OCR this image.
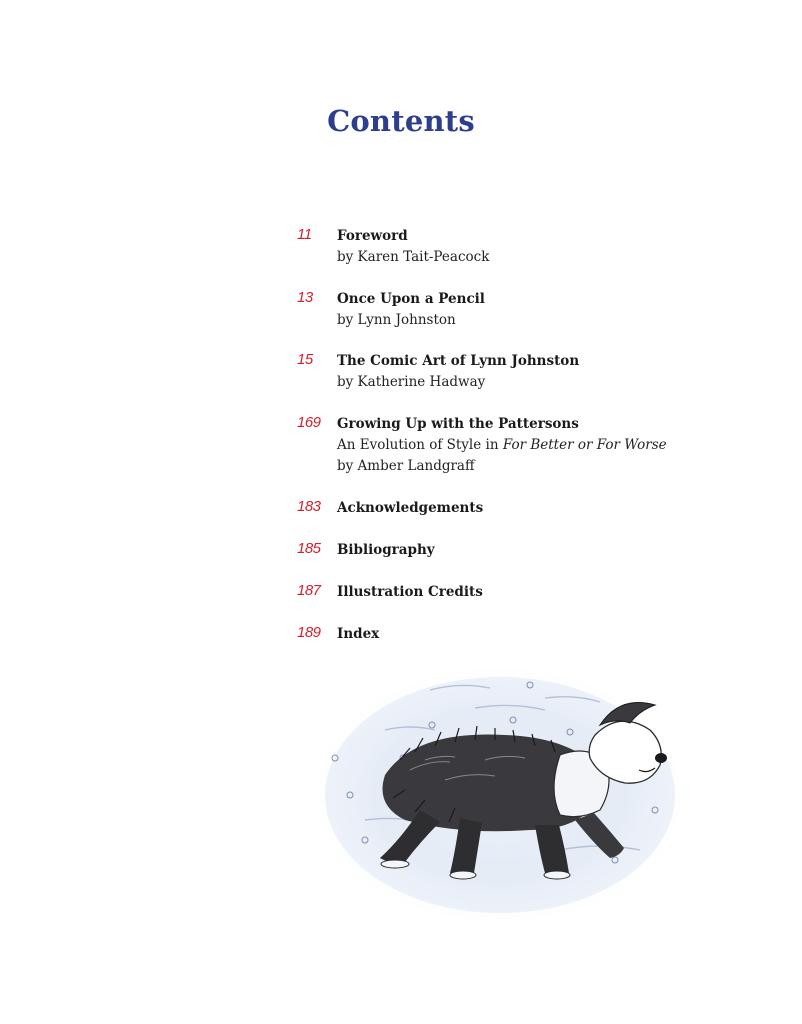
Contents
11 Foreword
by Karen Tait-Peacock
13 Once Upon a Pencil
by Lynn Johnston
15 The Comic Art of Lynn Johnston
by Katherine Hadway
169 Growing Up with the Pattersons
An Evolution of Style in For Better or For Worse
by Amber Landgraff
183 Acknowledgements
185 Bibliography
187 Illustration Credits
189 Index
